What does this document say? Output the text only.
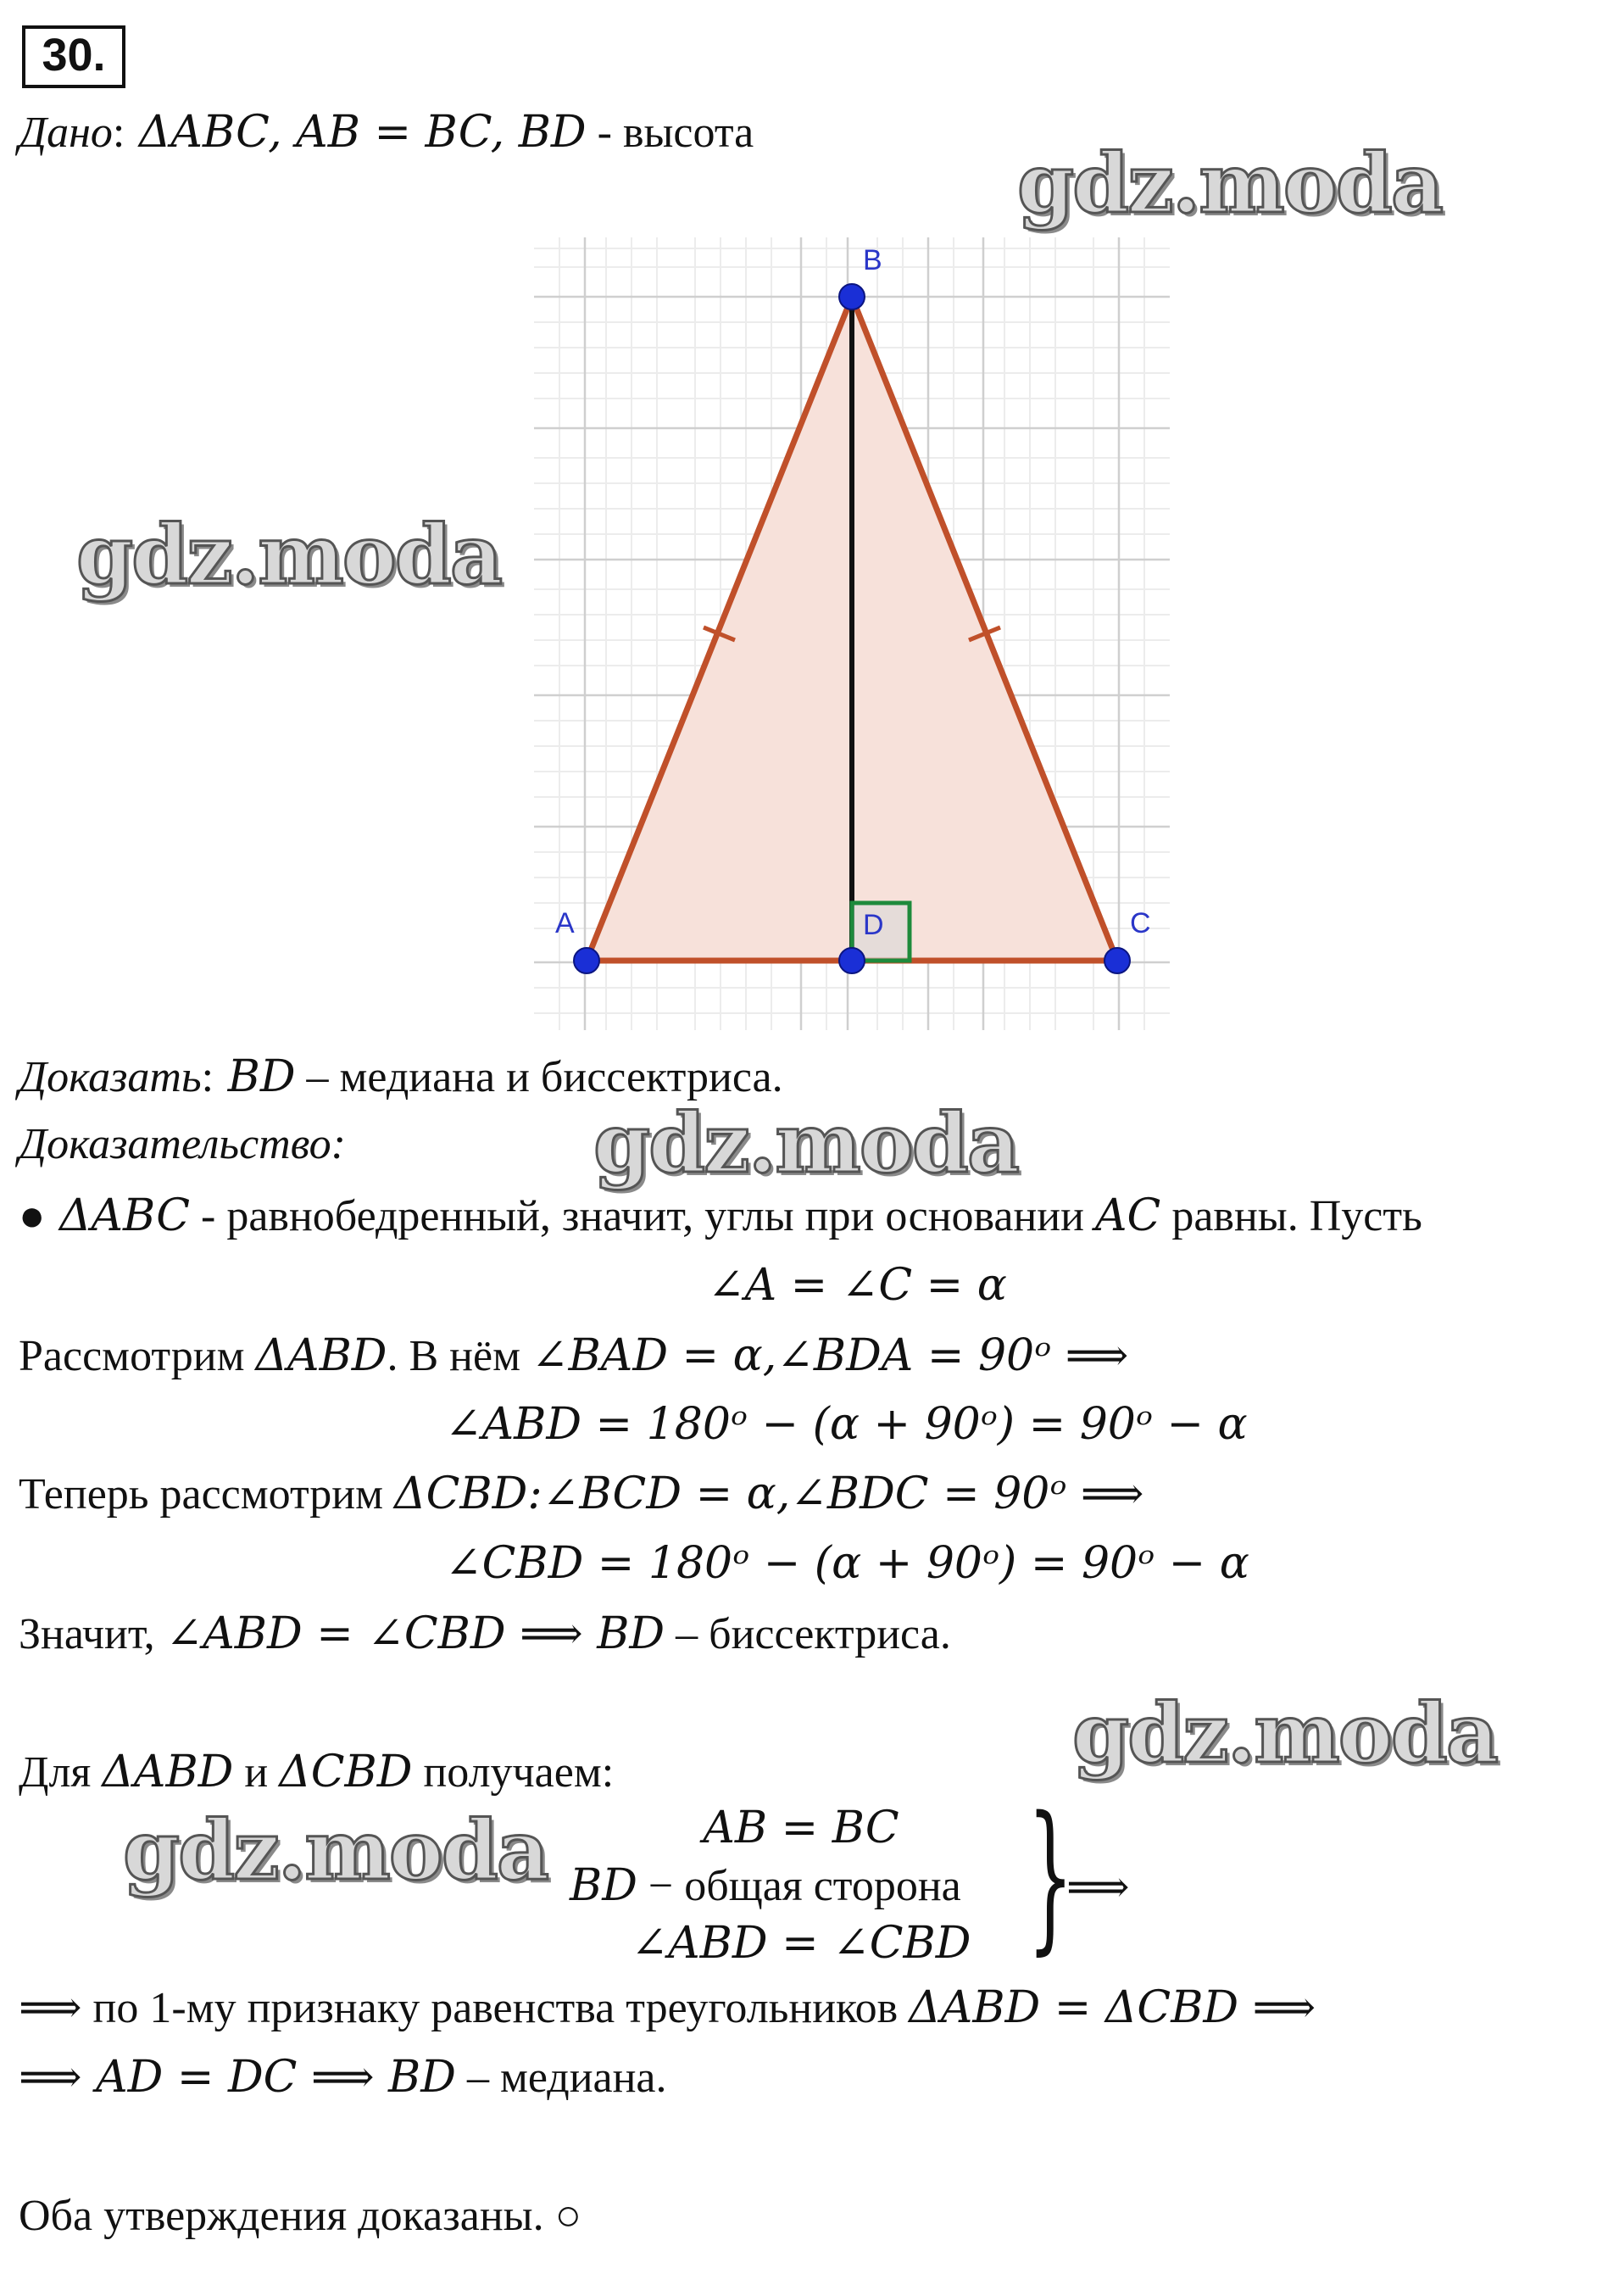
30.
Дано: ΔABC, AB = BC, BD - высота
B
A	C
D
Доказать: BD – медиана и биссектриса.
Доказательство:
● ΔABC - равнобедренный, значит, углы при основании AC равны. Пусть
∠A = ∠C = α
Рассмотрим ΔABD. В нём ∠BAD = α,∠BDA = 90ᵒ ⟹
∠ABD = 180ᵒ − (α + 90ᵒ) = 90ᵒ − α
Теперь рассмотрим ΔCBD:∠BCD = α,∠BDC = 90ᵒ ⟹
∠CBD = 180ᵒ − (α + 90ᵒ) = 90ᵒ − α
Значит, ∠ABD = ∠CBD ⟹ BD – биссектриса.
Для ΔABD и ΔCBD получаем:
AB = BC
BD − общая сторона
∠ABD = ∠CBD }
⟹
⟹ по 1-му признаку равенства треугольников ΔABD = ΔCBD ⟹
⟹ AD = DC ⟹ BD – медиана.
Оба утверждения доказаны. ○
gdz.moda
gdz.moda
gdz.moda
gdz.moda
gdz.moda
